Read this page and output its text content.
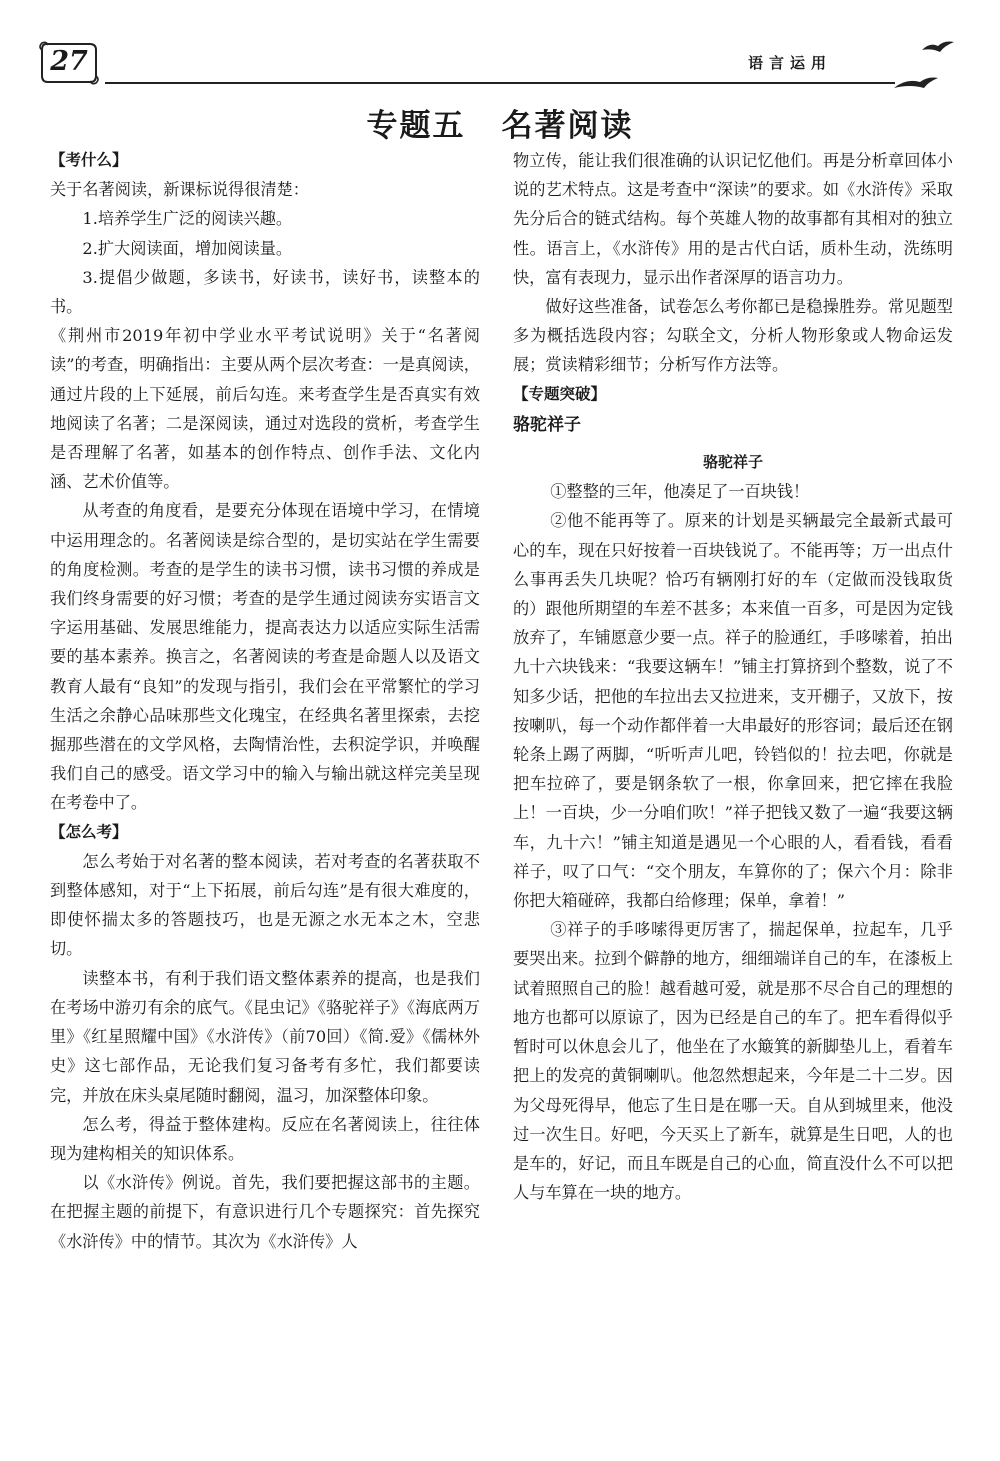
27	语言运用
专题五 名著阅读

【考什么】

关于名著阅读，新课标说得很清楚：

1.培养学生广泛的阅读兴趣。

2.扩大阅读面，增加阅读量。

3.提倡少做题，多读书，好读书，读好书，读整本的书。

《荆州市2019年初中学业水平考试说明》关于“名著阅读”的考查，明确指出：主要从两个层次考查：一是真阅读，通过片段的上下延展，前后勾连。来考查学生是否真实有效地阅读了名著；二是深阅读，通过对选段的赏析，考查学生是否理解了名著，如基本的创作特点、创作手法、文化内涵、艺术价值等。

从考查的角度看，是要充分体现在语境中学习，在情境中运用理念的。名著阅读是综合型的，是切实站在学生需要的角度检测。考查的是学生的读书习惯，读书习惯的养成是我们终身需要的好习惯；考查的是学生通过阅读夯实语言文字运用基础、发展思维能力，提高表达力以适应实际生活需要的基本素养。换言之，名著阅读的考查是命题人以及语文教育人最有“良知”的发现与指引，我们会在平常繁忙的学习生活之余静心品味那些文化瑰宝，在经典名著里探索，去挖掘那些潜在的文学风格，去陶情治性，去积淀学识，并唤醒我们自己的感受。语文学习中的输入与输出就这样完美呈现在考卷中了。

【怎么考】

怎么考始于对名著的整本阅读，若对考查的名著获取不到整体感知，对于“上下拓展，前后勾连”是有很大难度的，即使怀揣太多的答题技巧，也是无源之水无本之木，空悲切。

读整本书，有利于我们语文整体素养的提高，也是我们在考场中游刃有余的底气。《昆虫记》《骆驼祥子》《海底两万里》《红星照耀中国》《水浒传》（前70回）《简.爱》《儒林外史》这七部作品，无论我们复习备考有多忙，我们都要读完，并放在床头桌尾随时翻阅，温习，加深整体印象。

怎么考，得益于整体建构。反应在名著阅读上，往往体现为建构相关的知识体系。

以《水浒传》例说。首先，我们要把握这部书的主题。在把握主题的前提下，有意识进行几个专题探究：首先探究《水浒传》中的情节。其次为《水浒传》人

物立传，能让我们很准确的认识记忆他们。再是分析章回体小说的艺术特点。这是考查中“深读”的要求。如《水浒传》采取先分后合的链式结构。每个英雄人物的故事都有其相对的独立性。语言上，《水浒传》用的是古代白话，质朴生动，洗练明快，富有表现力，显示出作者深厚的语言功力。

做好这些准备，试卷怎么考你都已是稳操胜券。常见题型多为概括选段内容；勾联全文，分析人物形象或人物命运发展；赏读精彩细节；分析写作方法等。

【专题突破】

骆驼祥子

骆驼祥子

①整整的三年，他凑足了一百块钱！

②他不能再等了。原来的计划是买辆最完全最新式最可心的车，现在只好按着一百块钱说了。不能再等；万一出点什么事再丢失几块呢？恰巧有辆刚打好的车（定做而没钱取货的）跟他所期望的车差不甚多；本来值一百多，可是因为定钱放弃了，车铺愿意少要一点。祥子的脸通红，手哆嗦着，拍出九十六块钱来：“我要这辆车！”铺主打算挤到个整数，说了不知多少话，把他的车拉出去又拉进来，支开棚子，又放下，按按喇叭，每一个动作都伴着一大串最好的形容词；最后还在钢轮条上踢了两脚，“听听声儿吧，铃铛似的！拉去吧，你就是把车拉碎了，要是钢条软了一根，你拿回来，把它摔在我脸上！一百块，少一分咱们吹！”祥子把钱又数了一遍“我要这辆车，九十六！”铺主知道是遇见一个心眼的人，看看钱，看看祥子，叹了口气：“交个朋友，车算你的了；保六个月：除非你把大箱碰碎，我都白给修理；保单，拿着！”

③祥子的手哆嗦得更厉害了，揣起保单，拉起车，几乎要哭出来。拉到个僻静的地方，细细端详自己的车，在漆板上试着照照自己的脸！越看越可爱，就是那不尽合自己的理想的地方也都可以原谅了，因为已经是自己的车了。把车看得似乎暂时可以休息会儿了，他坐在了水簸箕的新脚垫儿上，看着车把上的发亮的黄铜喇叭。他忽然想起来，今年是二十二岁。因为父母死得早，他忘了生日是在哪一天。自从到城里来，他没过一次生日。好吧，今天买上了新车，就算是生日吧，人的也是车的，好记，而且车既是自己的心血，简直没什么不可以把人与车算在一块的地方。
